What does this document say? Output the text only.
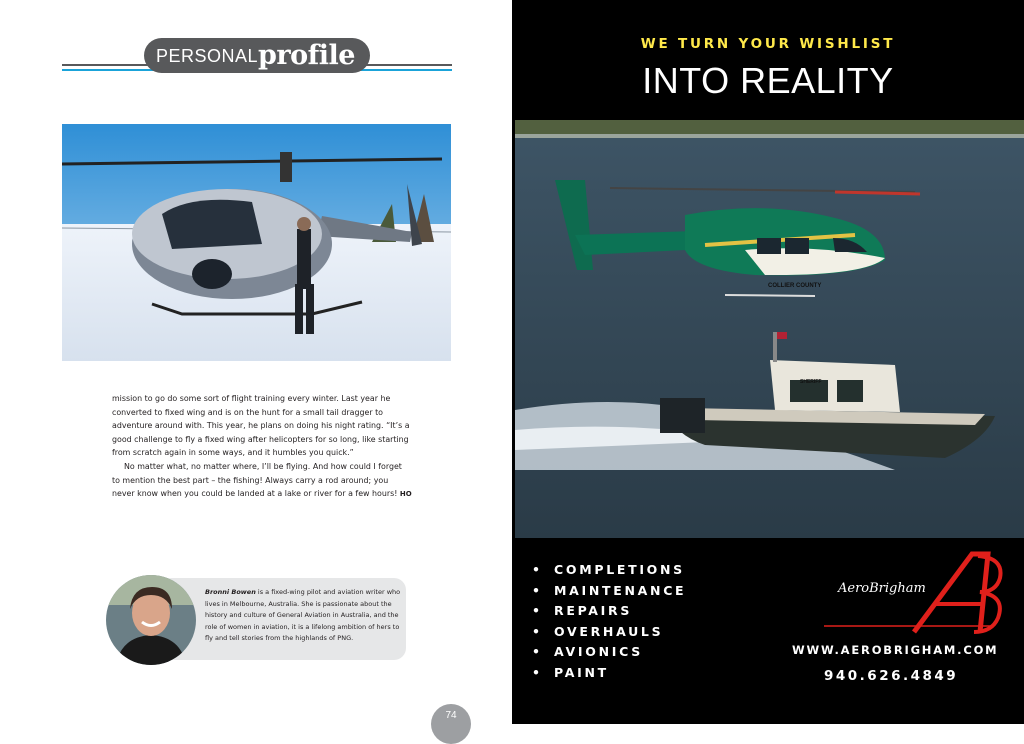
PERSONAL profile

mission to go do some sort of flight training every winter. Last year he converted to fixed wing and is on the hunt for a small tail dragger to adventure around with. This year, he plans on doing his night rating. “It’s a good challenge to fly a fixed wing after helicopters for so long, like starting from scratch again in some ways, and it humbles you quick.”

No matter what, no matter where, I’ll be flying. And how could I forget to mention the best part – the fishing! Always carry a rod around; you never know when you could be landed at a lake or river for a few hours! HO

Bronni Bowen is a fixed-wing pilot and aviation writer who lives in Melbourne, Australia. She is passionate about the history and culture of General Aviation in Australia, and the role of women in aviation, it is a lifelong ambition of hers to fly and tell stories from the highlands of PNG.
74
WE TURN YOUR WISHLIST
INTO REALITY
COLLIER COUNTY
SHERIFF
• COMPLETIONS
• MAINTENANCE
• REPAIRS
• OVERHAULS
• AVIONICS
• PAINT
AeroBrigham
WWW.AEROBRIGHAM.COM
940.626.4849
